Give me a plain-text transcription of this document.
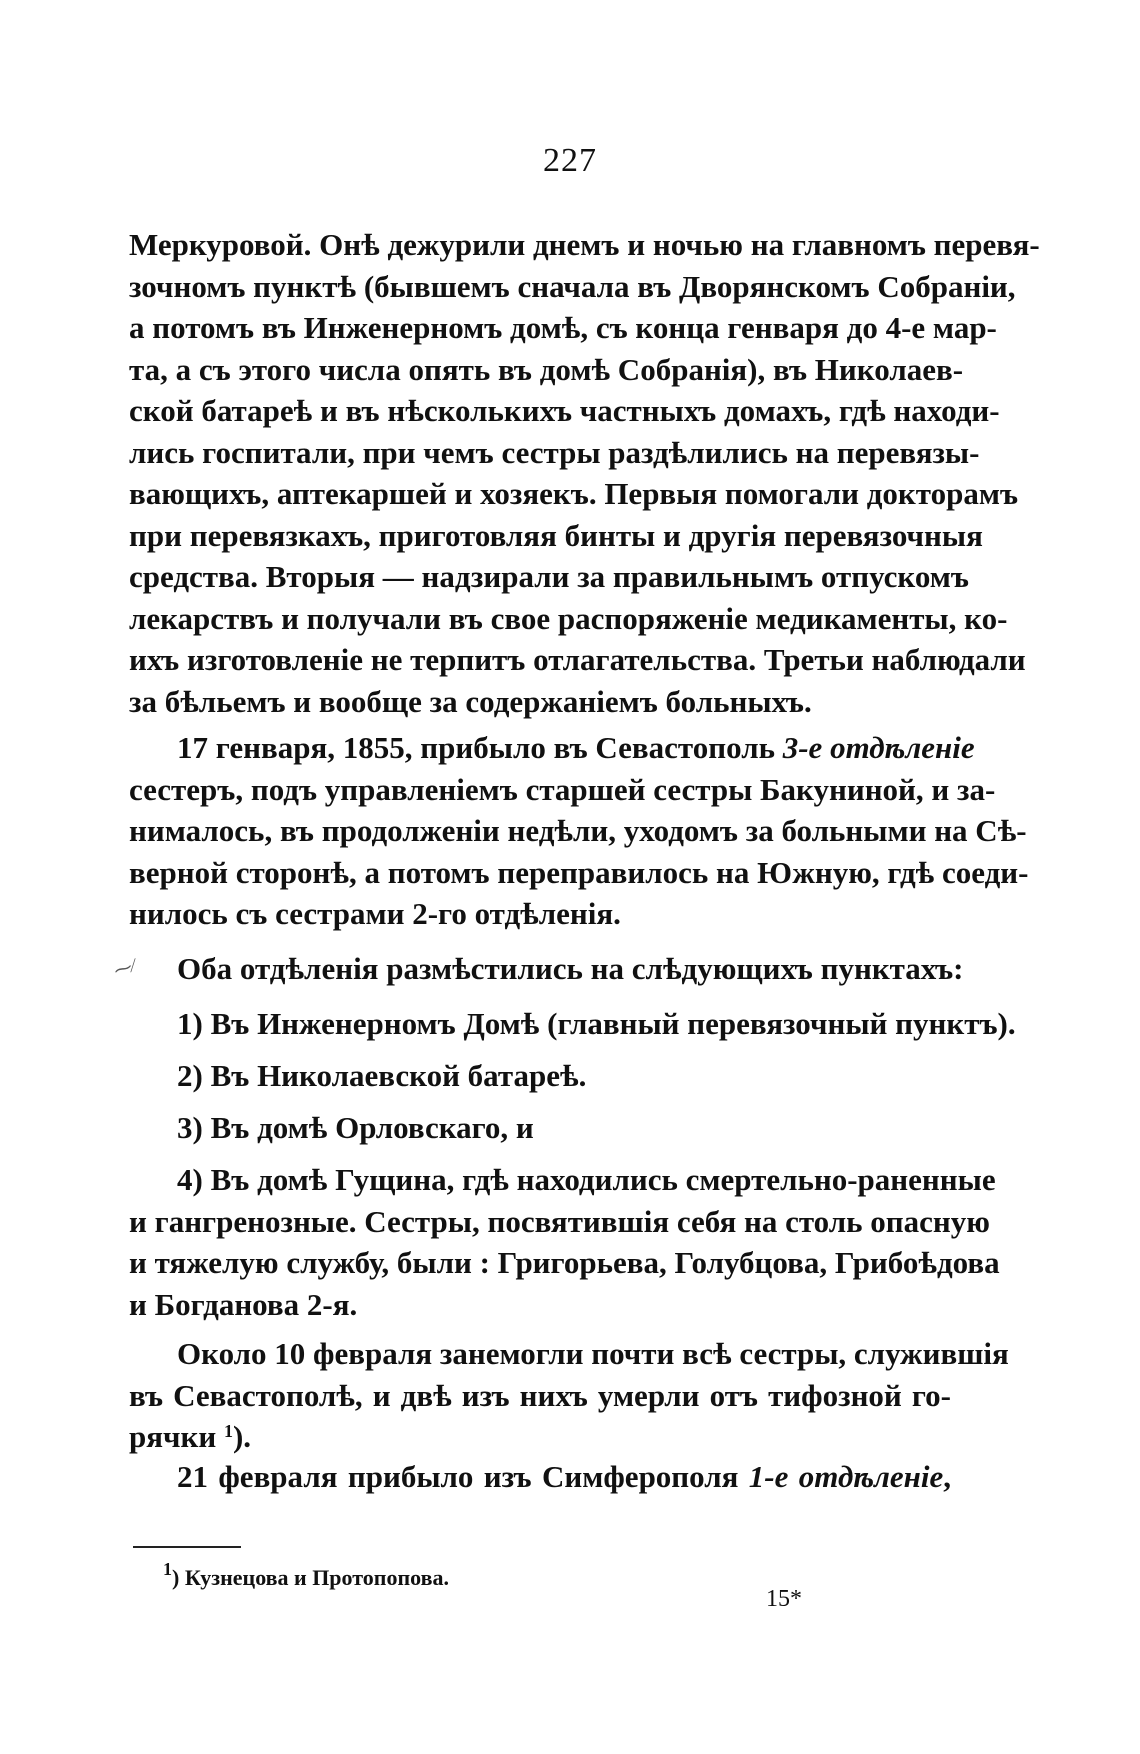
227
Меркуровой. Онѣ дежурили днемъ и ночью на главномъ перевя-
зочномъ пунктѣ (бывшемъ сначала въ Дворянскомъ Собраніи,
а потомъ въ Инженерномъ домѣ, съ конца генваря до 4-е мар-
та, а съ этого числа опять въ домѣ Собранія), въ Николаев-
ской батареѣ и въ нѣсколькихъ частныхъ домахъ, гдѣ находи-
лись госпитали, при чемъ сестры раздѣлились на перевязы-
вающихъ, аптекаршей и хозяекъ. Первыя помогали докторамъ
при перевязкахъ, приготовляя бинты и другія перевязочныя
средства. Вторыя — надзирали за правильнымъ отпускомъ
лекарствъ и получали въ свое распоряженіе медикаменты, ко-
ихъ изготовленіе не терпитъ отлагательства. Третьи наблюдали
за бѣльемъ и вообще за содержаніемъ больныхъ.
17 генваря, 1855, прибыло въ Севастополь 3-е отдѣленіе
сестеръ, подъ управленіемъ старшей сестры Бакуниной, и за-
нималось, въ продолженіи недѣли, уходомъ за больными на Сѣ-
верной сторонѣ, а потомъ переправилось на Южную, гдѣ соеди-
нилось съ сестрами 2-го отдѣленія.
⁓⁄	Оба отдѣленія размѣстились на слѣдующихъ пунктахъ:
1) Въ Инженерномъ Домѣ (главный перевязочный пунктъ).
2) Въ Николаевской батареѣ.
3) Въ домѣ Орловскаго, и
4) Въ домѣ Гущина, гдѣ находились смертельно-раненные
и гангренозные. Сестры, посвятившія себя на столь опасную
и тяжелую службу, были : Григорьева, Голубцова, Грибоѣдова
и Богданова 2-я.
Около 10 февраля занемогли почти всѣ сестры, служившія
въ Севастополѣ, и двѣ изъ нихъ умерли отъ тифозной го-
рячки $^1$).
21 февраля прибыло изъ Симферополя 1-е отдѣленіе,
$^1$) Кузнецова и Протопопова.
15*
